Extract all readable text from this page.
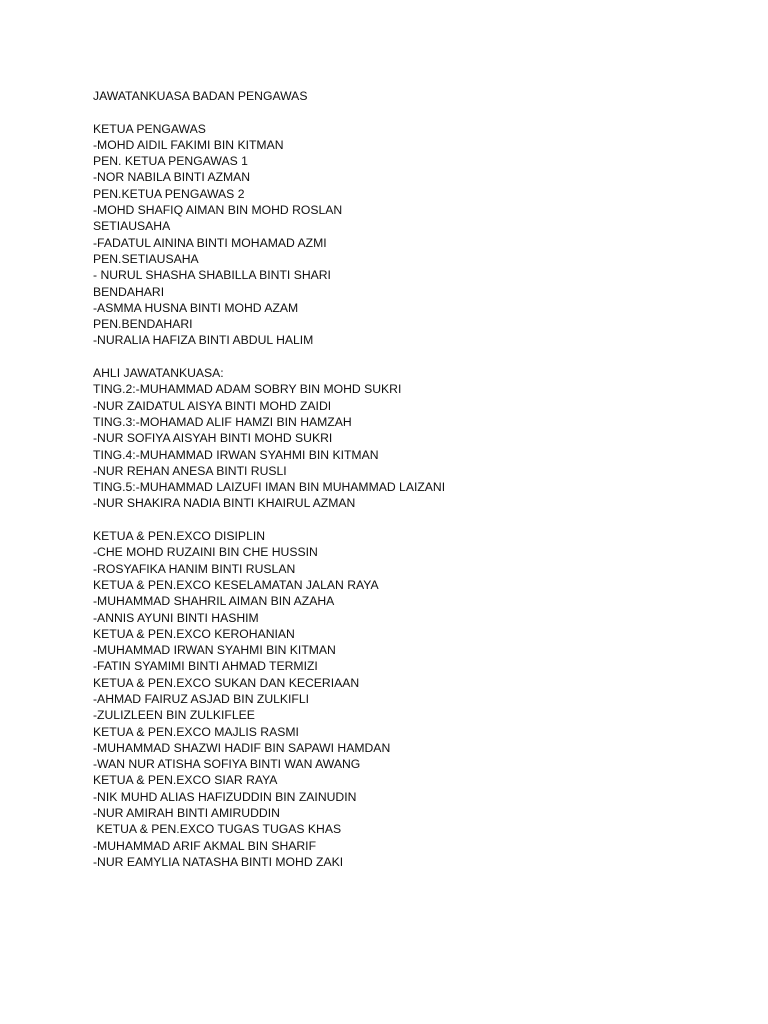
JAWATANKUASA BADAN PENGAWAS
KETUA PENGAWAS
-MOHD AIDIL FAKIMI BIN KITMAN
PEN. KETUA PENGAWAS 1
-NOR NABILA BINTI AZMAN
PEN.KETUA PENGAWAS 2
-MOHD SHAFIQ AIMAN BIN MOHD ROSLAN
SETIAUSAHA
-FADATUL AININA BINTI MOHAMAD AZMI
PEN.SETIAUSAHA
- NURUL SHASHA SHABILLA BINTI SHARI
BENDAHARI
-ASMMA HUSNA BINTI MOHD AZAM
PEN.BENDAHARI
-NURALIA HAFIZA BINTI ABDUL HALIM
AHLI JAWATANKUASA:
TING.2:-MUHAMMAD ADAM SOBRY BIN MOHD SUKRI
-NUR ZAIDATUL AISYA BINTI MOHD ZAIDI
TING.3:-MOHAMAD ALIF HAMZI BIN HAMZAH
-NUR SOFIYA AISYAH BINTI MOHD SUKRI
TING.4:-MUHAMMAD IRWAN SYAHMI BIN KITMAN
-NUR REHAN ANESA BINTI RUSLI
TING.5:-MUHAMMAD LAIZUFI IMAN BIN MUHAMMAD LAIZANI
-NUR SHAKIRA NADIA BINTI KHAIRUL AZMAN
KETUA & PEN.EXCO DISIPLIN
-CHE MOHD RUZAINI BIN CHE HUSSIN
-ROSYAFIKA HANIM BINTI RUSLAN
KETUA & PEN.EXCO KESELAMATAN JALAN RAYA
-MUHAMMAD SHAHRIL AIMAN BIN AZAHA
-ANNIS AYUNI BINTI HASHIM
KETUA & PEN.EXCO KEROHANIAN
-MUHAMMAD IRWAN SYAHMI BIN KITMAN
-FATIN SYAMIMI BINTI AHMAD TERMIZI
KETUA & PEN.EXCO SUKAN DAN KECERIAAN
-AHMAD FAIRUZ ASJAD BIN ZULKIFLI
-ZULIZLEEN BIN ZULKIFLEE
KETUA & PEN.EXCO MAJLIS RASMI
-MUHAMMAD SHAZWI HADIF BIN SAPAWI HAMDAN
-WAN NUR ATISHA SOFIYA BINTI WAN AWANG
KETUA & PEN.EXCO SIAR RAYA
-NIK MUHD ALIAS HAFIZUDDIN BIN ZAINUDIN
-NUR AMIRAH BINTI AMIRUDDIN
KETUA & PEN.EXCO TUGAS TUGAS KHAS
-MUHAMMAD ARIF AKMAL BIN SHARIF
-NUR EAMYLIA NATASHA BINTI MOHD ZAKI
